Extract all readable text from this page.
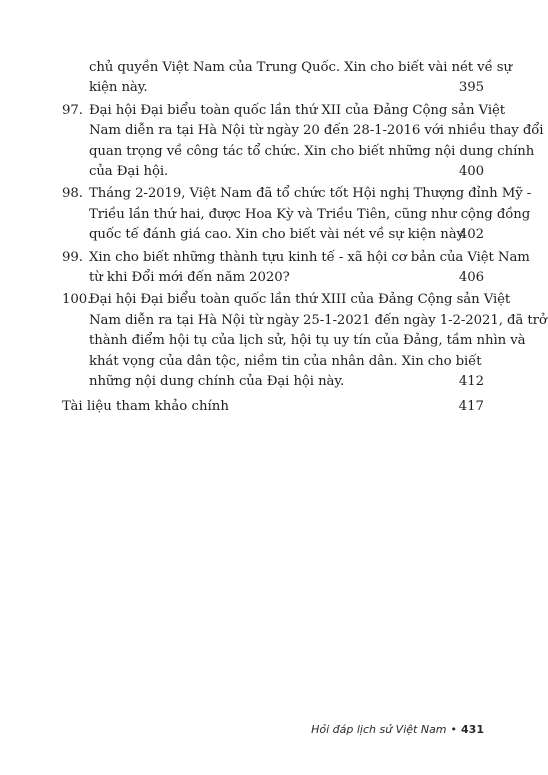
chủ quyền Việt Nam của Trung Quốc. Xin cho biết vài nét về sự
kiện này.	395
97. Đại hội Đại biểu toàn quốc lần thứ XII của Đảng Cộng sản Việt
Nam diễn ra tại Hà Nội từ ngày 20 đến 28-1-2016 với nhiều thay đổi
quan trọng về công tác tổ chức. Xin cho biết những nội dung chính
của Đại hội.	400
98. Tháng 2-2019, Việt Nam đã tổ chức tốt Hội nghị Thượng đỉnh Mỹ -
Triều lần thứ hai, được Hoa Kỳ và Triều Tiên, cũng như cộng đồng
quốc tế đánh giá cao. Xin cho biết vài nét về sự kiện này.
402
99. Xin cho biết những thành tựu kinh tế - xã hội cơ bản của Việt Nam
từ khi Đổi mới đến năm 2020?	406
100.
Đại hội Đại biểu toàn quốc lần thứ XIII của Đảng Cộng sản Việt
Nam diễn ra tại Hà Nội từ ngày 25-1-2021 đến ngày 1-2-2021, đã trở
thành điểm hội tụ của lịch sử, hội tụ uy tín của Đảng, tầm nhìn và
khát vọng của dân tộc, niềm tin của nhân dân. Xin cho biết
những nội dung chính của Đại hội này.	412
Tài liệu tham khảo chính	417
Hỏi đáp lịch sử Việt Nam • 431
